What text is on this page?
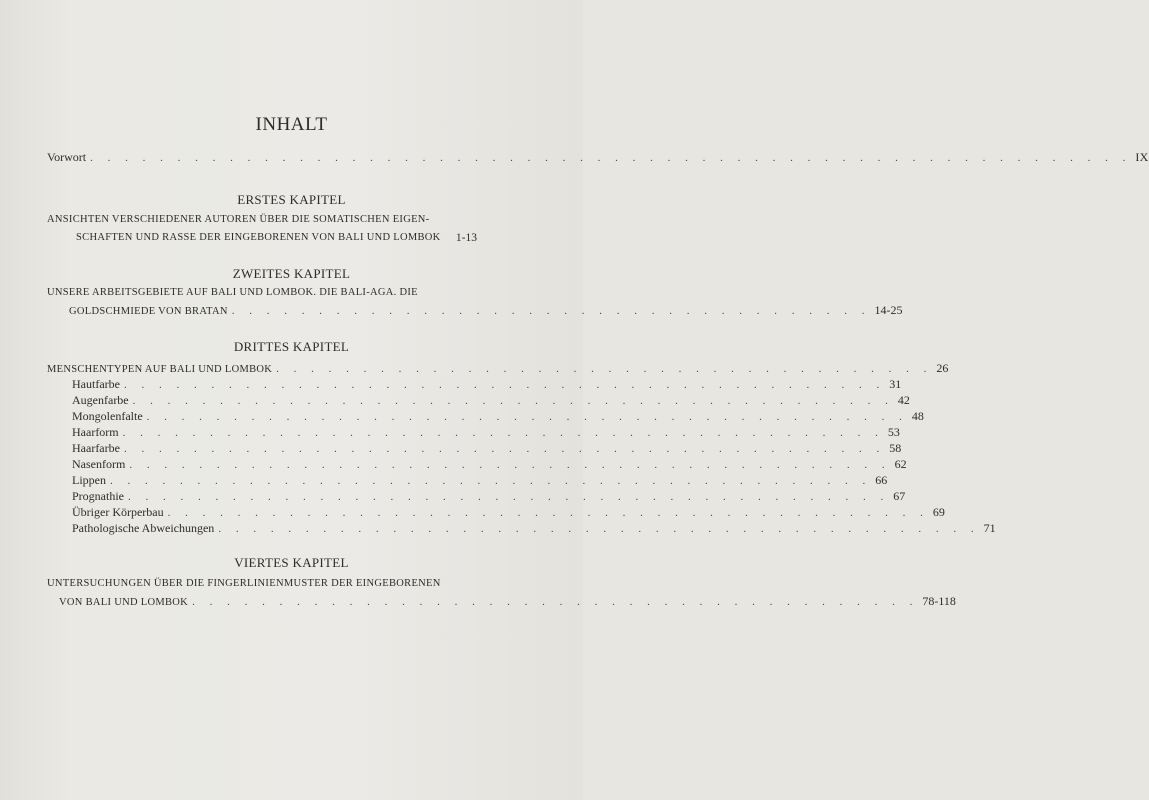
INHALT
Vorwort . . . . . . . . . . . . . . . . . . . . . . . . . . . . . . . . . . . . . . . . . . . . . . . . . . . . . . . . . . . . IX
ERSTES KAPITEL
ANSICHTEN VERSCHIEDENER AUTOREN ÜBER DIE SOMATISCHEN EIGEN-
SCHAFTEN UND RASSE DER EINGEBORENEN VON BALI UND LOMBOK	1-13
ZWEITES KAPITEL
UNSERE ARBEITSGEBIETE AUF BALI UND LOMBOK. DIE BALI-AGA. DIE
GOLDSCHMIEDE VON BRATAN . . . . . . . . . . . . . . . . . . . . . . . . . . . . . . . . . . . . . 14-25
DRITTES KAPITEL
MENSCHENTYPEN AUF BALI UND LOMBOK . . . . . . . . . . . . . . . . . . . . . . . . . . . . . . . . . . . . . . 26
Hautfarbe . . . . . . . . . . . . . . . . . . . . . . . . . . . . . . . . . . . . . . . . . . . . 31
Augenfarbe . . . . . . . . . . . . . . . . . . . . . . . . . . . . . . . . . . . . . . . . . . . . 42
Mongolenfalte . . . . . . . . . . . . . . . . . . . . . . . . . . . . . . . . . . . . . . . . . . . . 48
Haarform . . . . . . . . . . . . . . . . . . . . . . . . . . . . . . . . . . . . . . . . . . . . 53
Haarfarbe . . . . . . . . . . . . . . . . . . . . . . . . . . . . . . . . . . . . . . . . . . . . 58
Nasenform . . . . . . . . . . . . . . . . . . . . . . . . . . . . . . . . . . . . . . . . . . . . 62
Lippen . . . . . . . . . . . . . . . . . . . . . . . . . . . . . . . . . . . . . . . . . . . . 66
Prognathie . . . . . . . . . . . . . . . . . . . . . . . . . . . . . . . . . . . . . . . . . . . . 67
Übriger Körperbau . . . . . . . . . . . . . . . . . . . . . . . . . . . . . . . . . . . . . . . . . . . . 69
Pathologische Abweichungen . . . . . . . . . . . . . . . . . . . . . . . . . . . . . . . . . . . . . . . . . . . . 71
VIERTES KAPITEL
UNTERSUCHUNGEN ÜBER DIE FINGERLINIENMUSTER DER EINGEBORENEN
VON BALI UND LOMBOK . . . . . . . . . . . . . . . . . . . . . . . . . . . . . . . . . . . . . . . . . . 78-118
